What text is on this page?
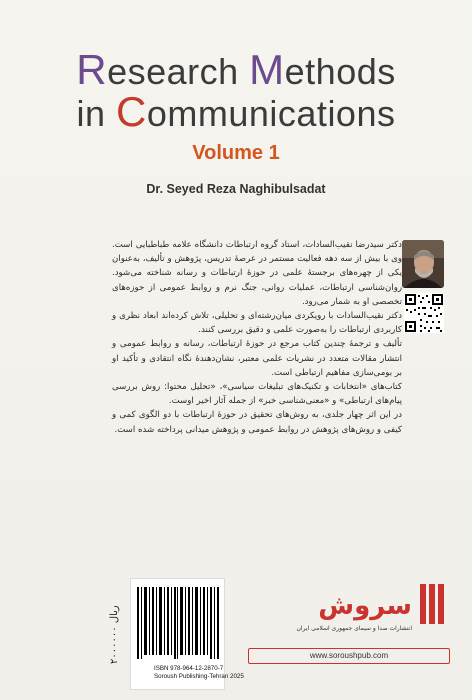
Research Methods
in Communications
Volume 1
Dr. Seyed Reza Naghibulsadat

دکتر سیدرضا نقیب‌السادات، استاد گروه ارتباطات دانشگاه علامه طباطبایی است. وی با بیش از سه دهه فعالیت مستمر در عرصهٔ تدریس، پژوهش و تألیف، به‌عنوان یکی از چهره‌های برجستهٔ علمی در حوزهٔ ارتباطات و رسانه شناخته می‌شود. روان‌شناسی ارتباطات، عملیات روانی، جنگ نرم و روابط عمومی از حوزه‌های تخصصی او به شمار می‌رود.

دکتر نقیب‌السادات با رویکردی میان‌رشته‌ای و تحلیلی، تلاش کرده‌اند ابعاد نظری و کاربردی ارتباطات را به‌صورت علمی و دقیق بررسی کنند.

تألیف و ترجمهٔ چندین کتاب مرجع در حوزهٔ ارتباطات، رسانه و روابط عمومی و انتشار مقالات متعدد در نشریات علمی معتبر، نشان‌دهندهٔ نگاه انتقادی و تأکید او بر بومی‌سازی مفاهیم ارتباطی است.

کتاب‌های «انتخابات و تکنیک‌های تبلیغات سیاسی»، «تحلیل محتوا: روش بررسی پیام‌های ارتباطی» و «معنی‌شناسی خبر» از جمله آثار اخیر اوست.

در این اثر چهار جلدی، به روش‌های تحقیق در حوزهٔ ارتباطات با دو الگوی کمی و کیفی و روش‌های پژوهش در روابط عمومی و پژوهش میدانی پرداخته شده است.

۲۰۰۰۰۰۰ ریال
ISBN 978-964-12-2870-7
Soroush Publishing-Tehran 2025
سروش
انتشارات صدا و سیمای جمهوری اسلامی ایران
www.soroushpub.com
